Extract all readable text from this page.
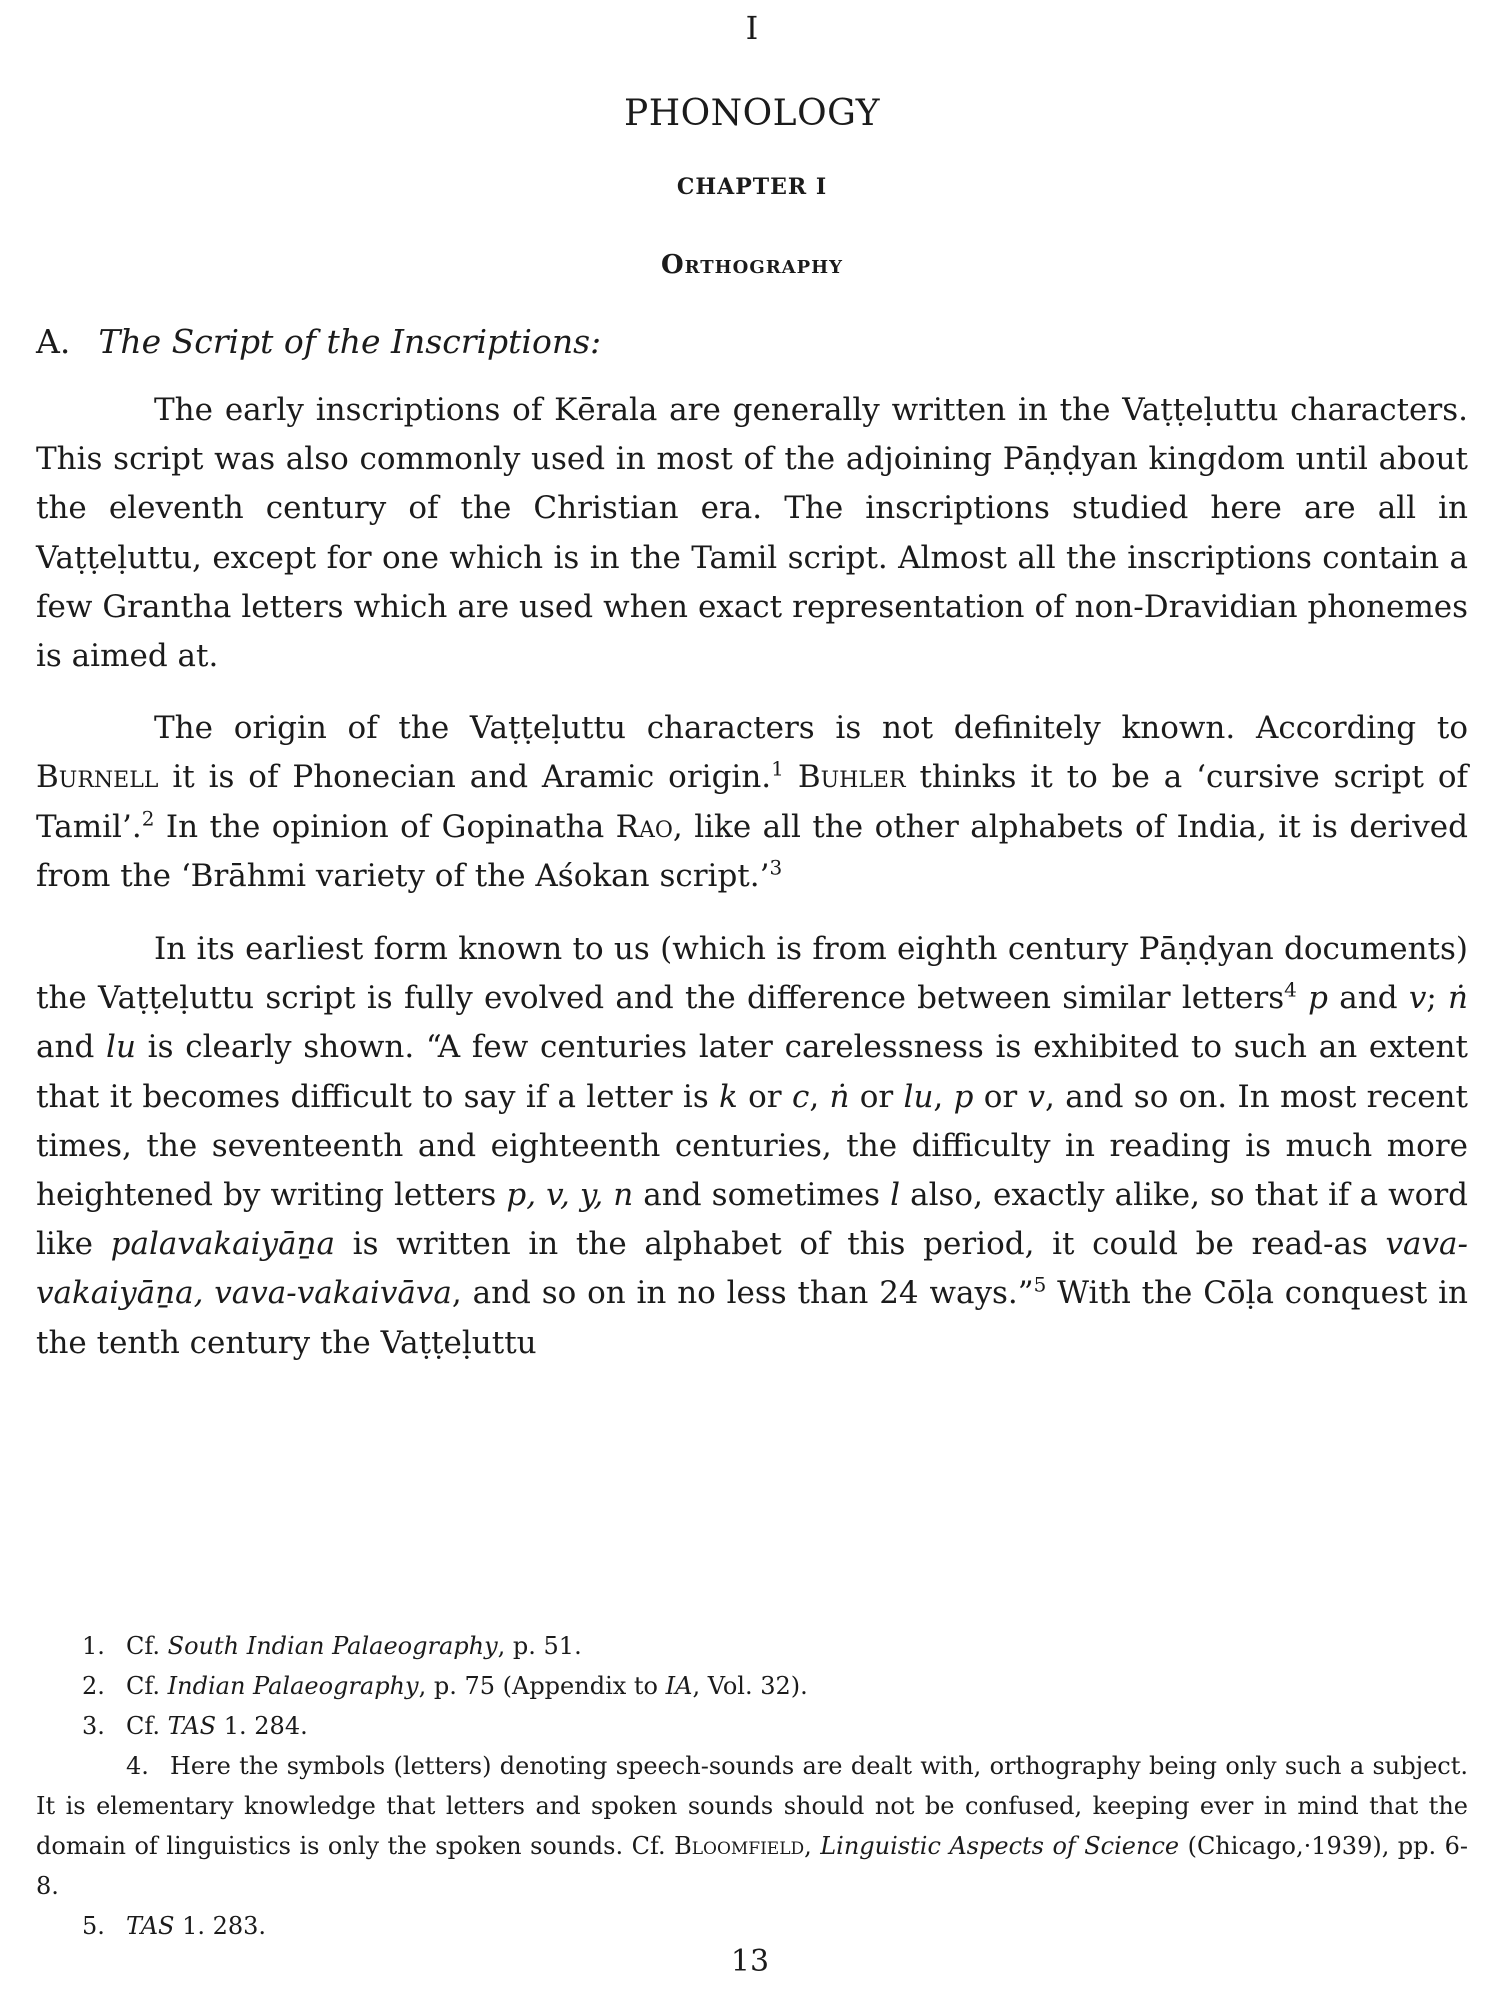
I
PHONOLOGY
CHAPTER I
Orthography
A. The Script of the Inscriptions:

The early inscriptions of Kērala are generally written in the Vaṭṭeḷuttu characters. This script was also commonly used in most of the adjoining Pāṇḍyan kingdom until about the eleventh century of the Christian era. The inscriptions studied here are all in Vaṭṭeḷuttu, except for one which is in the Tamil script. Almost all the inscriptions contain a few Grantha letters which are used when exact representation of non-Dravidian phonemes is aimed at.

The origin of the Vaṭṭeḷuttu characters is not definitely known. According to Burnell it is of Phonecian and Aramic origin.$^1$ Buhler thinks it to be a ‘cursive script of Tamil’.$^2$ In the opinion of Gopinatha Rao, like all the other alphabets of India, it is derived from the ‘Brāhmi variety of the Aśokan script.’$^3$

In its earliest form known to us (which is from eighth century Pāṇḍyan documents) the Vaṭṭeḷuttu script is fully evolved and the difference between similar letters$^4$ p and v; ṅ and lu is clearly shown. “A few centuries later carelessness is exhibited to such an extent that it becomes difficult to say if a letter is k or c, ṅ or lu, p or v, and so on. In most recent times, the seventeenth and eighteenth centuries, the difficulty in reading is much more heightened by writing letters p, v, y, n and sometimes l also, exactly alike, so that if a word like palavakaiyāṉa is written in the alphabet of this period, it could be read-as vava-vakaiyāṉa, vava-vakaivāva, and so on in no less than 24 ways.”$^5$ With the Cōḷa conquest in the tenth century the Vaṭṭeḷuttu

1. Cf. South Indian Palaeography, p. 51.

2. Cf. Indian Palaeography, p. 75 (Appendix to IA, Vol. 32).

3. Cf. TAS 1. 284.

4. Here the symbols (letters) denoting speech-sounds are dealt with, orthography being only such a subject. It is elementary knowledge that letters and spoken sounds should not be confused, keeping ever in mind that the domain of linguistics is only the spoken sounds. Cf. Bloomfield, Linguistic Aspects of Science (Chicago,·1939), pp. 6-8.

5. TAS 1. 283.

13
